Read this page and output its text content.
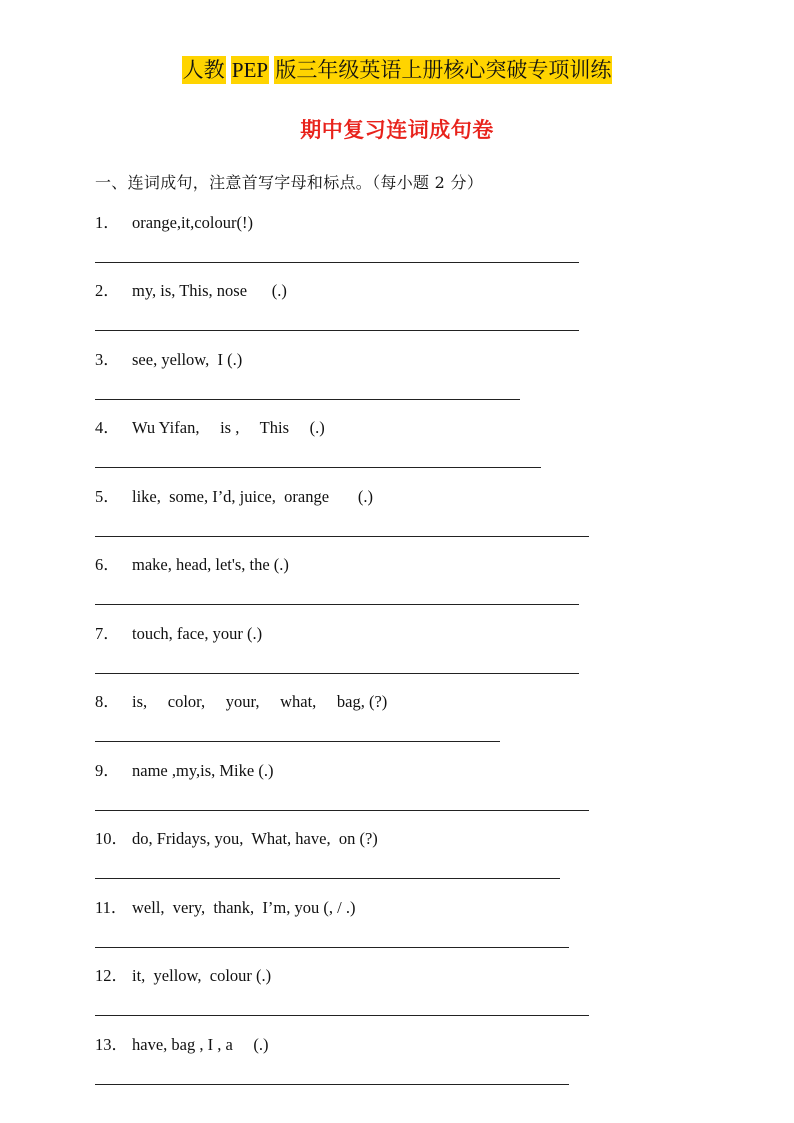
人教 PEP 版三年级英语上册核心突破专项训练
期中复习连词成句卷
一、连词成句，注意首写字母和标点。（每小题 2 分）
1． orange,it,colour(!)
2． my, is, This, nose      (.)
3． see, yellow,  I (.)
4． Wu Yifan,     is ,     This     (.)
5． like,  some, I’d, juice,  orange       (.)
6． make, head, let's, the (.)
7． touch, face, your (.)
8． is,     color,     your,     what,     bag, (?)
9． name ,my,is, Mike (.)
10． do, Fridays, you,  What, have,  on (?)
11． well,  very,  thank,  I’m, you (, / .)
12． it,  yellow,  colour (.)
13． have, bag , I , a     (.)
